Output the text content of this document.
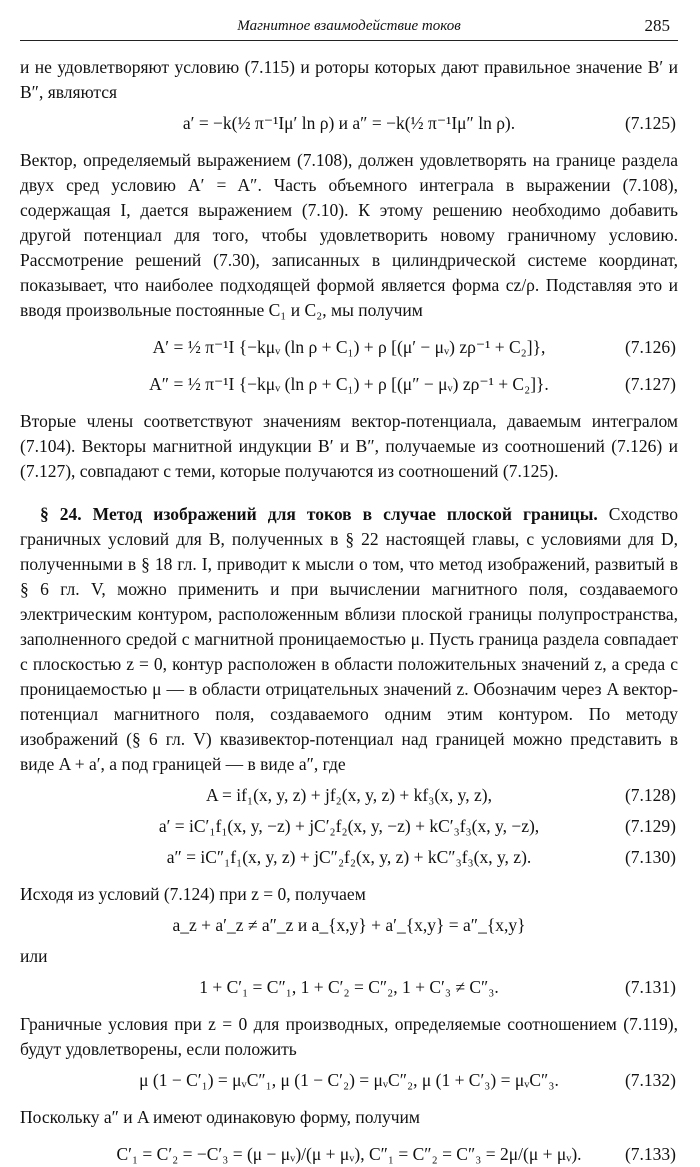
Магнитное взаимодействие токов	285

и не удовлетворяют условию (7.115) и роторы которых дают правильное значение B′ и B″, являются

a′ = −k(½ π⁻¹Iμ′ ln ρ) и a″ = −k(½ π⁻¹Iμ″ ln ρ).	(7.125)

Вектор, определяемый выражением (7.108), должен удовлетворять на границе раздела двух сред условию A′ = A″. Часть объемного интеграла в выражении (7.108), содержащая I, дается выражением (7.10). К этому решению необходимо добавить другой потенциал для того, чтобы удовлетворить новому граничному условию. Рассмотрение решений (7.30), записанных в цилиндрической системе координат, показывает, что наиболее подходящей формой является форма cz/ρ. Подставляя это и вводя произвольные постоянные C₁ и C₂, мы получим

A′ = ½ π⁻¹I {−kμᵥ (ln ρ + C₁) + ρ [(μ′ − μᵥ) zρ⁻¹ + C₂]},	(7.126)
A″ = ½ π⁻¹I {−kμᵥ (ln ρ + C₁) + ρ [(μ″ − μᵥ) zρ⁻¹ + C₂]}.	(7.127)

Вторые члены соответствуют значениям вектор-потенциала, даваемым интегралом (7.104). Векторы магнитной индукции B′ и B″, получаемые из соотношений (7.126) и (7.127), совпадают с теми, которые получаются из соотношений (7.125).

§ 24. Метод изображений для токов в случае плоской границы. Сходство граничных условий для B, полученных в § 22 настоящей главы, с условиями для D, полученными в § 18 гл. I, приводит к мысли о том, что метод изображений, развитый в § 6 гл. V, можно применить и при вычислении магнитного поля, создаваемого электрическим контуром, расположенным вблизи плоской границы полупространства, заполненного средой с магнитной проницаемостью μ. Пусть граница раздела совпадает с плоскостью z = 0, контур расположен в области положительных значений z, а среда с проницаемостью μ — в области отрицательных значений z. Обозначим через A вектор-потенциал магнитного поля, создаваемого одним этим контуром. По методу изображений (§ 6 гл. V) квазивектор-потенциал над границей можно представить в виде A + a′, а под границей — в виде a″, где

A = if₁(x, y, z) + jf₂(x, y, z) + kf₃(x, y, z),	(7.128)
a′ = iC′₁f₁(x, y, −z) + jC′₂f₂(x, y, −z) + kC′₃f₃(x, y, −z),	(7.129)
a″ = iC″₁f₁(x, y, z) + jC″₂f₂(x, y, z) + kC″₃f₃(x, y, z).	(7.130)

Исходя из условий (7.124) при z = 0, получаем

a_z + a′_z ≠ a″_z и a_{x,y} + a′_{x,y} = a″_{x,y}

или

1 + C′₁ = C″₁, 1 + C′₂ = C″₂, 1 + C′₃ ≠ C″₃.	(7.131)

Граничные условия при z = 0 для производных, определяемые соотношением (7.119), будут удовлетворены, если положить

μ (1 − C′₁) = μᵥC″₁, μ (1 − C′₂) = μᵥC″₂, μ (1 + C′₃) = μᵥC″₃.	(7.132)

Поскольку a″ и A имеют одинаковую форму, получим

C′₁ = C′₂ = −C′₃ = (μ − μᵥ)/(μ + μᵥ), C″₁ = C″₂ = C″₃ = 2μ/(μ + μᵥ).	(7.133)
